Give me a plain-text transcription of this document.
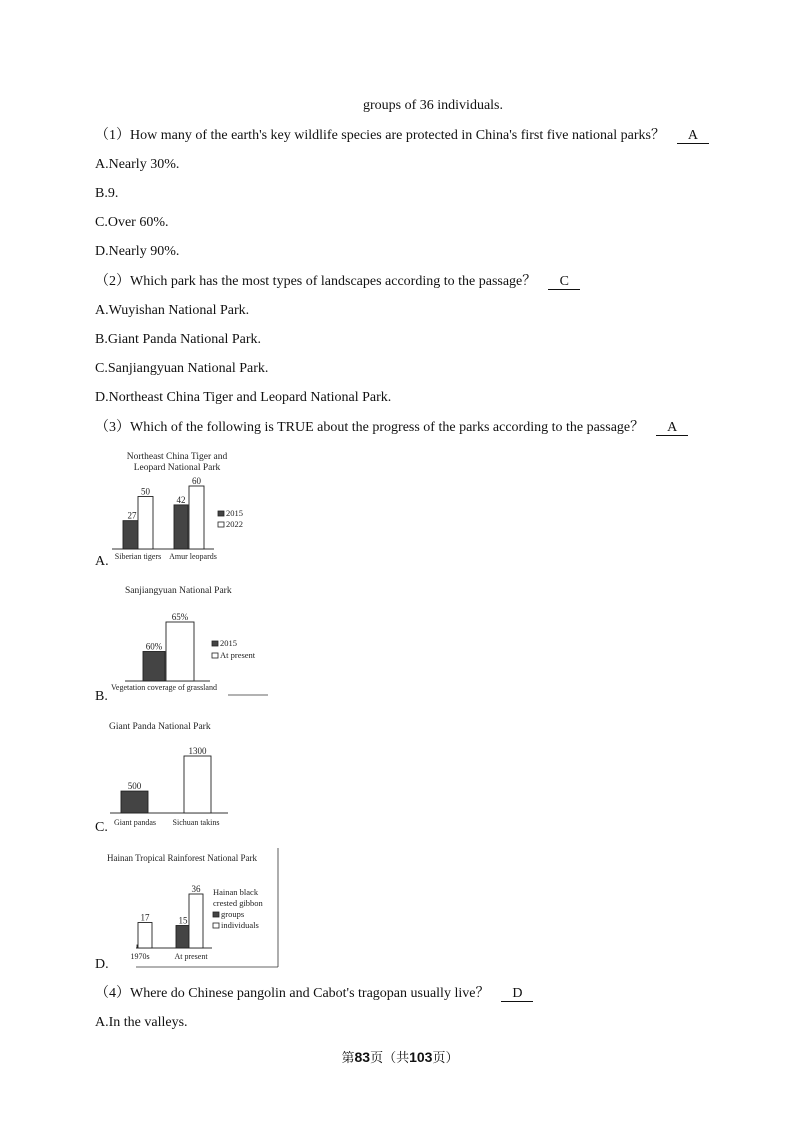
groups of 36 individuals.
（1）How many of the earth's key wildlife species are protected in China's first five national parks？ A
A.Nearly 30%.
B.9.
C.Over 60%.
D.Nearly 90%.
（2）Which park has the most types of landscapes according to the passage？ C
A.Wuyishan National Park.
B.Giant Panda National Park.
C.Sanjiangyuan National Park.
D.Northeast China Tiger and Leopard National Park.
（3）Which of the following is TRUE about the progress of the parks according to the passage？ A
A.
B.
C.
D.
Northeast China Tiger and
Leopard National Park
27
50
42
60
2015
2022
Siberian tigers Amur leopards
Sanjiangyuan National Park
60%
65%
2015
At present
Vegetation coverage of grassland
Giant Panda National Park
500
1300
Giant pandas Sichuan takins
Hainan Tropical Rainforest National Park
17	15
36 Hainan black
crested gibbon
groups
individuals
1970s	At present
（4）Where do Chinese pangolin and Cabot's tragopan usually live？ D
A.In the valleys.
第83页（共103页）
